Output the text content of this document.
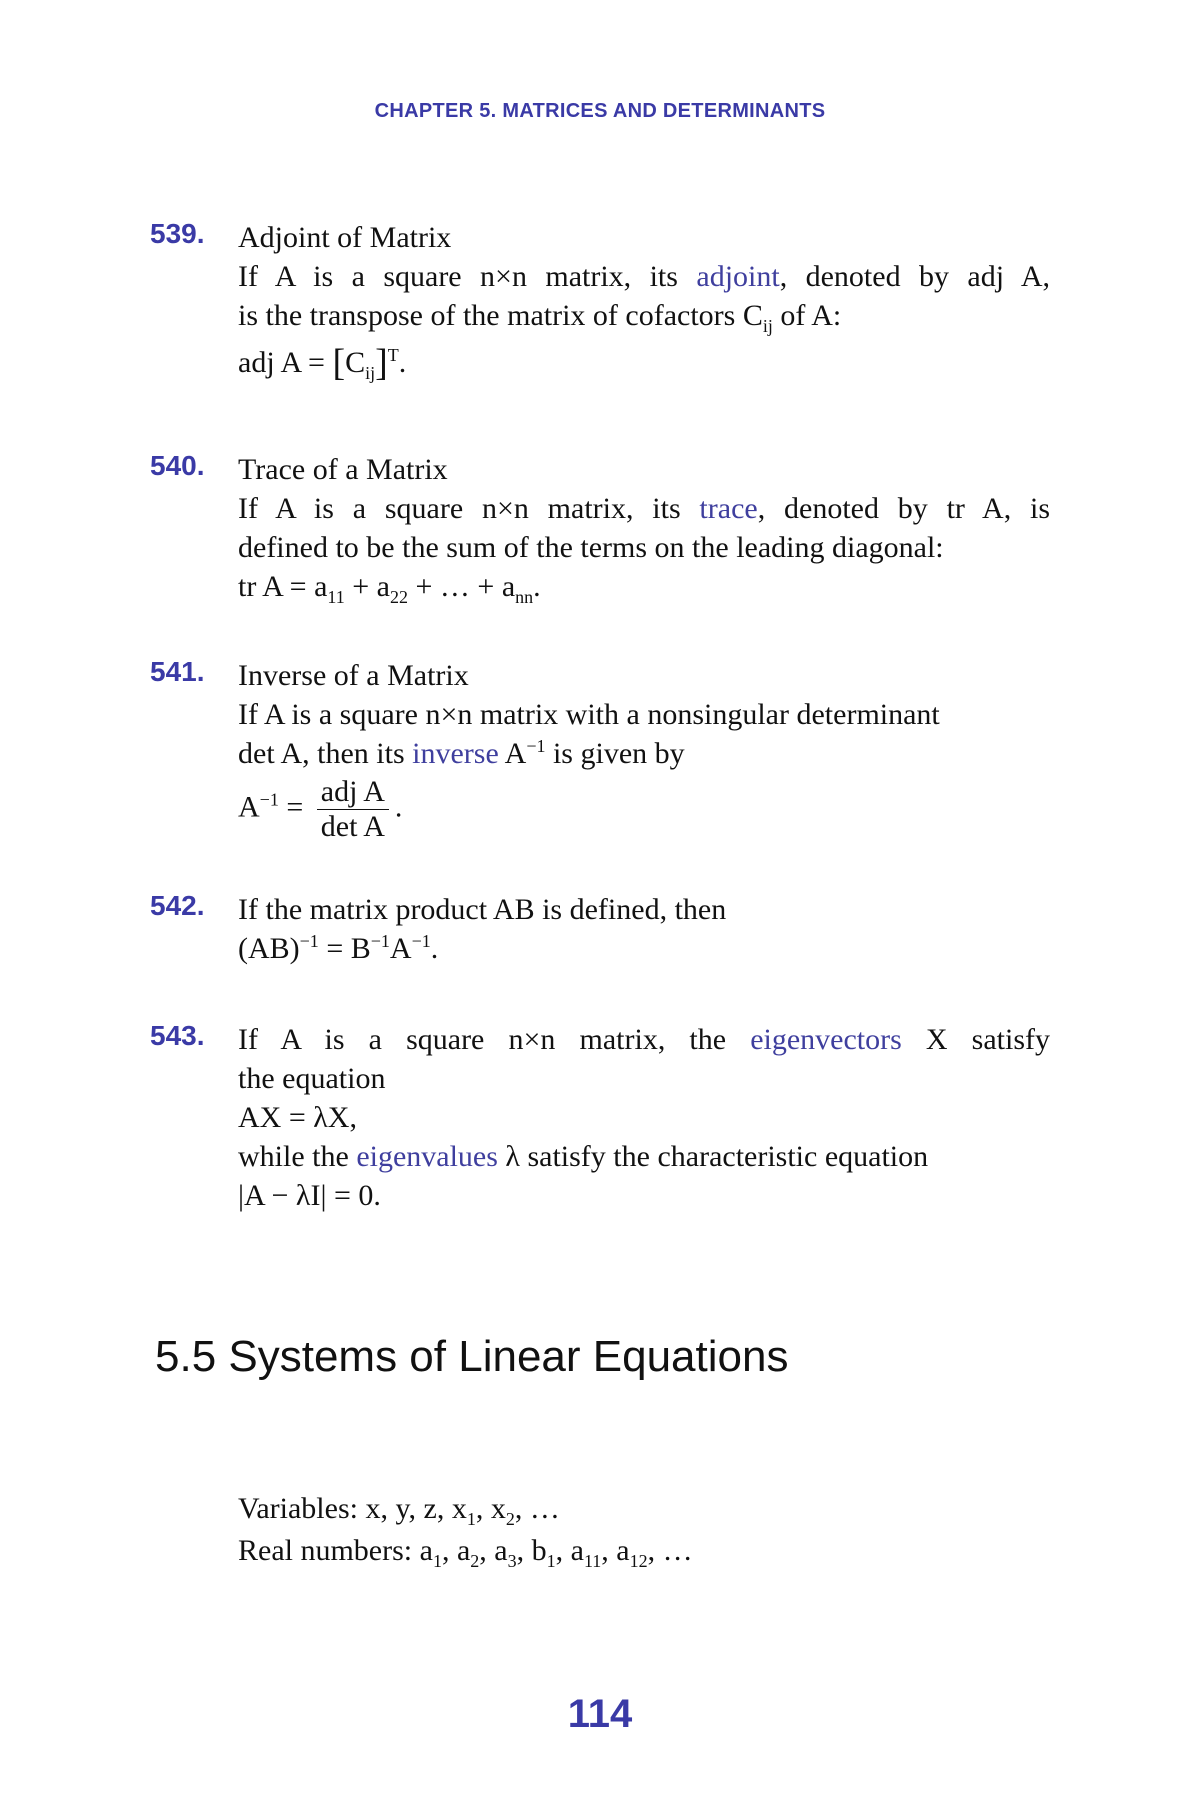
CHAPTER 5. MATRICES AND DETERMINANTS
539.	Adjoint of Matrix
If A is a square n×n matrix, its adjoint, denoted by adj A,
is the transpose of the matrix of cofactors $C_{ij}$ of A:
adj $A = [C_{ij}]^T$.
540.	Trace of a Matrix
If A is a square n×n matrix, its trace, denoted by tr A, is
defined to be the sum of the terms on the leading diagonal:
tr $A = a_{11} + a_{22}$ + … + $a_{nn}$.
541.	Inverse of a Matrix
If A is a square n×n matrix with a nonsingular determinant
det A, then its inverse $A^{-1}$ is given by
$A^{-1} = \frac{\text{adj A}}{\text{det A}}$ .
542.	If the matrix product AB is defined, then
$(AB)^{-1} = B^{-1}A^{-1}$.
543.	If A is a square n×n matrix, the eigenvectors X satisfy
the equation
AX = λX,
while the eigenvalues λ satisfy the characteristic equation
|A − λI| = 0.
5.5 Systems of Linear Equations
Variables: x, y, z, $x_1$, $x_2$, …
Real numbers: $a_1$, $a_2$, $a_3$, $b_1$, $a_{11}$, $a_{12}$, …
114
